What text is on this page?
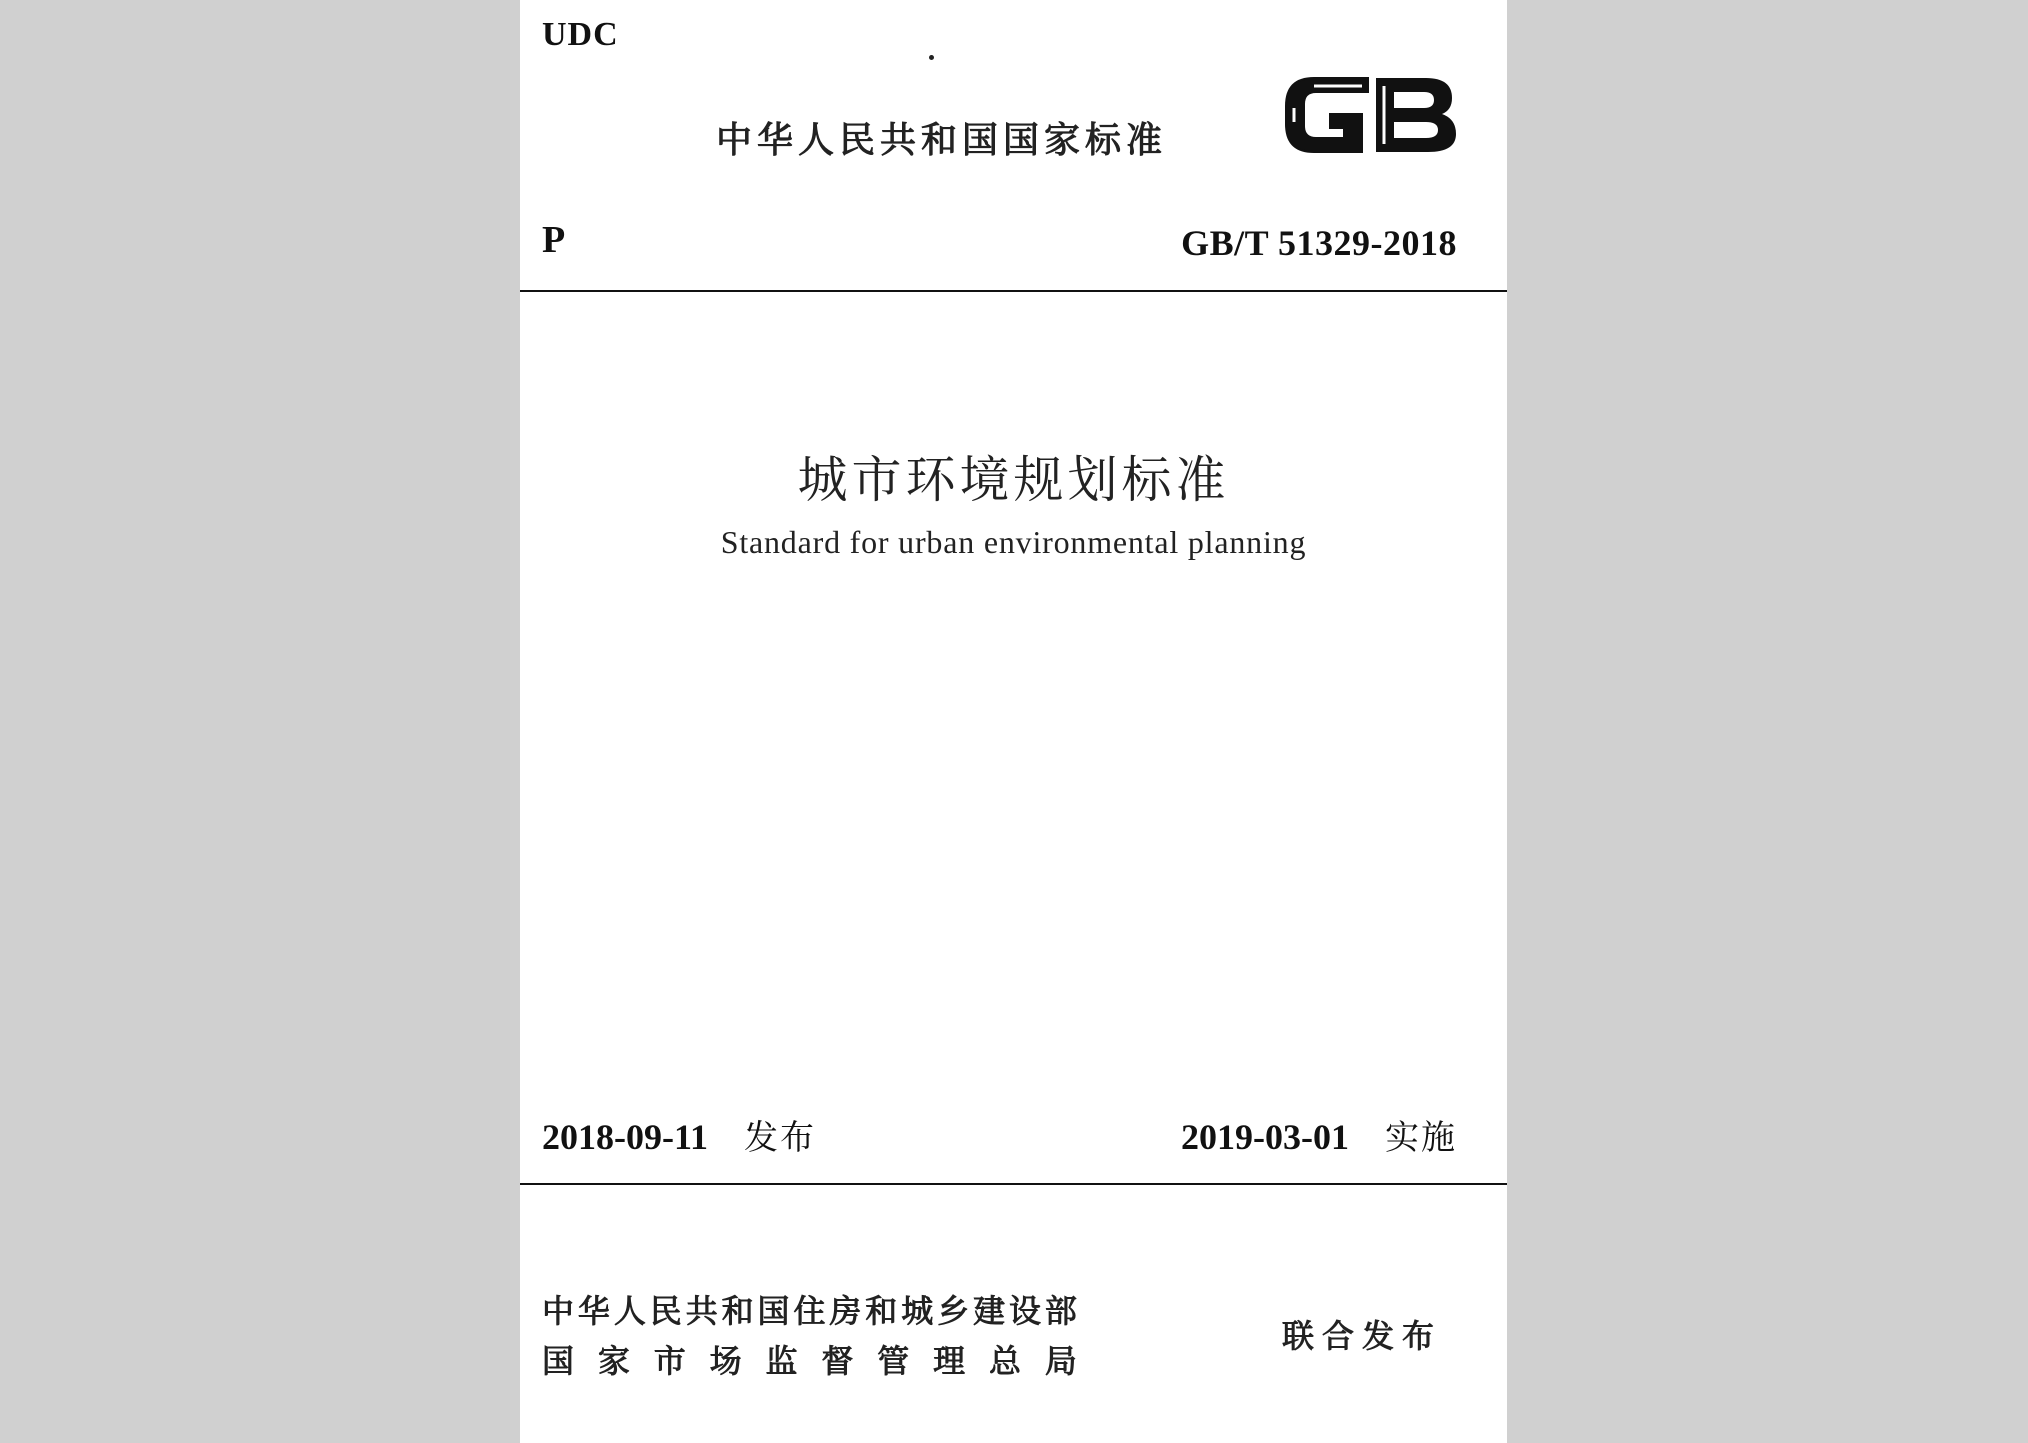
UDC
中华人民共和国国家标准
P	GB/T 51329-2018
城市环境规划标准
Standard for urban environmental planning
2018-09-11 发布	2019-03-01 实施
中 华 人 民 共 和 国 住 房 和 城 乡 建 设 部
国 家 市 场 监 督 管 理 总 局
联合发布
